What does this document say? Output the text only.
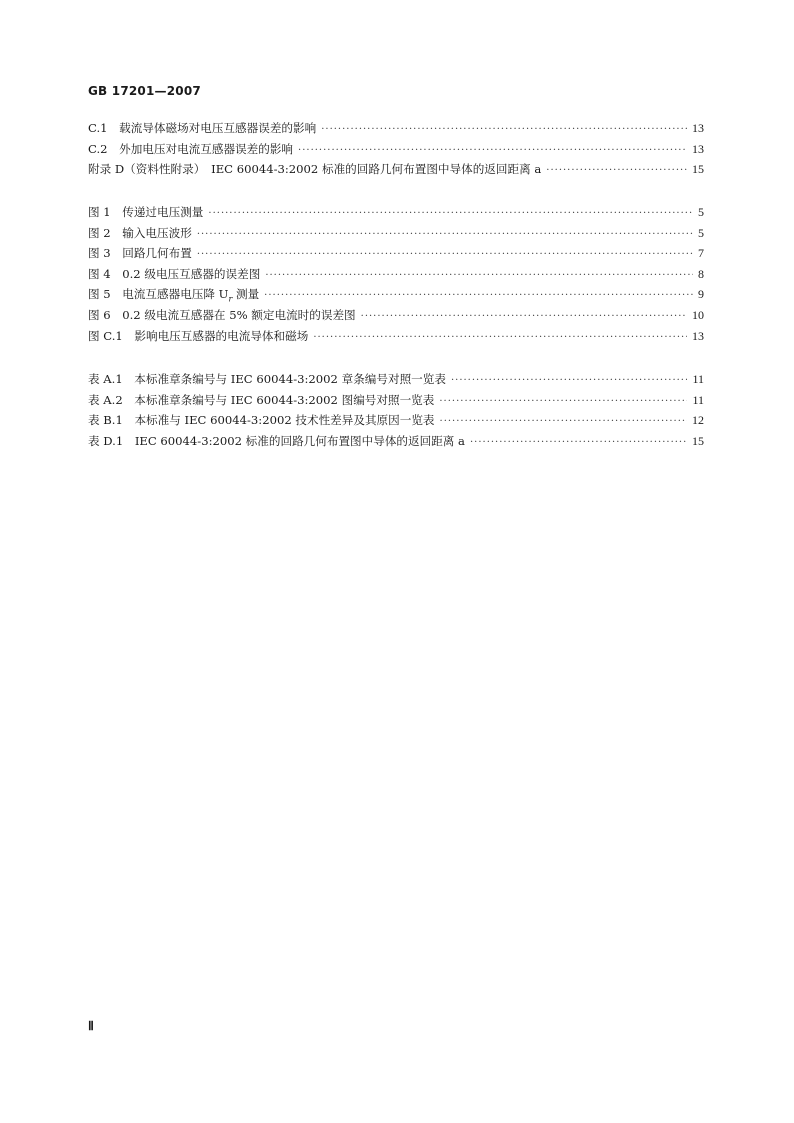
GB 17201—2007
C.1　载流导体磁场对电压互感器误差的影响 ·····	13
C.2　外加电压对电流互感器误差的影响 ·····	13
附录 D（资料性附录）　IEC 60044-3:2002 标准的回路几何布置图中导体的返回距离 a ·····	15
图 1　传递过电压测量 ·····	5
图 2　输入电压波形 ·····	5
图 3　回路几何布置 ·····	7
图 4　0.2 级电压互感器的误差图 ·····	8
图 5　电流互感器电压降 $U_r$ 测量 ·····	9
图 6　0.2 级电流互感器在 5% 额定电流时的误差图 ·····	10
图 C.1　影响电压互感器的电流导体和磁场 ·····	13
表 A.1　本标准章条编号与 IEC 60044-3:2002 章条编号对照一览表 ·····	11
表 A.2　本标准章条编号与 IEC 60044-3:2002 图编号对照一览表 ·····	11
表 B.1　本标准与 IEC 60044-3:2002 技术性差异及其原因一览表 ·····	12
表 D.1　IEC 60044-3:2002 标准的回路几何布置图中导体的返回距离 a ·····	15
Ⅱ
